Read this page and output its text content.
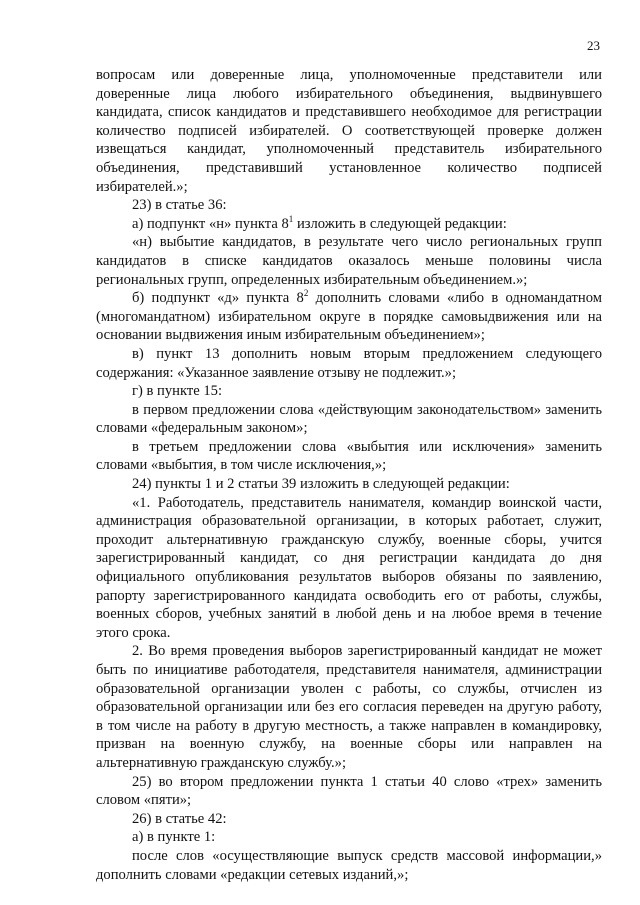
23

вопросам или доверенные лица, уполномоченные представители или доверенные лица любого избирательного объединения, выдвинувшего кандидата, список кандидатов и представившего необходимое для регистрации количество подписей избирателей. О соответствующей проверке должен извещаться кандидат, уполномоченный представитель избирательного объединения, представивший установленное количество подписей избирателей.»;

23) в статье 36:

а) подпункт «н» пункта $8^1$ изложить в следующей редакции:

«н) выбытие кандидатов, в результате чего число региональных групп кандидатов в списке кандидатов оказалось меньше половины числа региональных групп, определенных избирательным объединением.»;

б) подпункт «д» пункта $8^2$ дополнить словами «либо в одномандатном (многомандатном) избирательном округе в порядке самовыдвижения или на основании выдвижения иным избирательным объединением»;

в) пункт 13 дополнить новым вторым предложением следующего содержания: «Указанное заявление отзыву не подлежит.»;

г) в пункте 15:

в первом предложении слова «действующим законодательством» заменить словами «федеральным законом»;

в третьем предложении слова «выбытия или исключения» заменить словами «выбытия, в том числе исключения,»;

24) пункты 1 и 2 статьи 39 изложить в следующей редакции:

«1. Работодатель, представитель нанимателя, командир воинской части, администрация образовательной организации, в которых работает, служит, проходит альтернативную гражданскую службу, военные сборы, учится зарегистрированный кандидат, со дня регистрации кандидата до дня официального опубликования результатов выборов обязаны по заявлению, рапорту зарегистрированного кандидата освободить его от работы, службы, военных сборов, учебных занятий в любой день и на любое время в течение этого срока.

2. Во время проведения выборов зарегистрированный кандидат не может быть по инициативе работодателя, представителя нанимателя, администрации образовательной организации уволен с работы, со службы, отчислен из образовательной организации или без его согласия переведен на другую работу, в том числе на работу в другую местность, а также направлен в командировку, призван на военную службу, на военные сборы или направлен на альтернативную гражданскую службу.»;

25) во втором предложении пункта 1 статьи 40 слово «трех» заменить словом «пяти»;

26) в статье 42:

а) в пункте 1:

после слов «осуществляющие выпуск средств массовой информации,» дополнить словами «редакции сетевых изданий,»;
